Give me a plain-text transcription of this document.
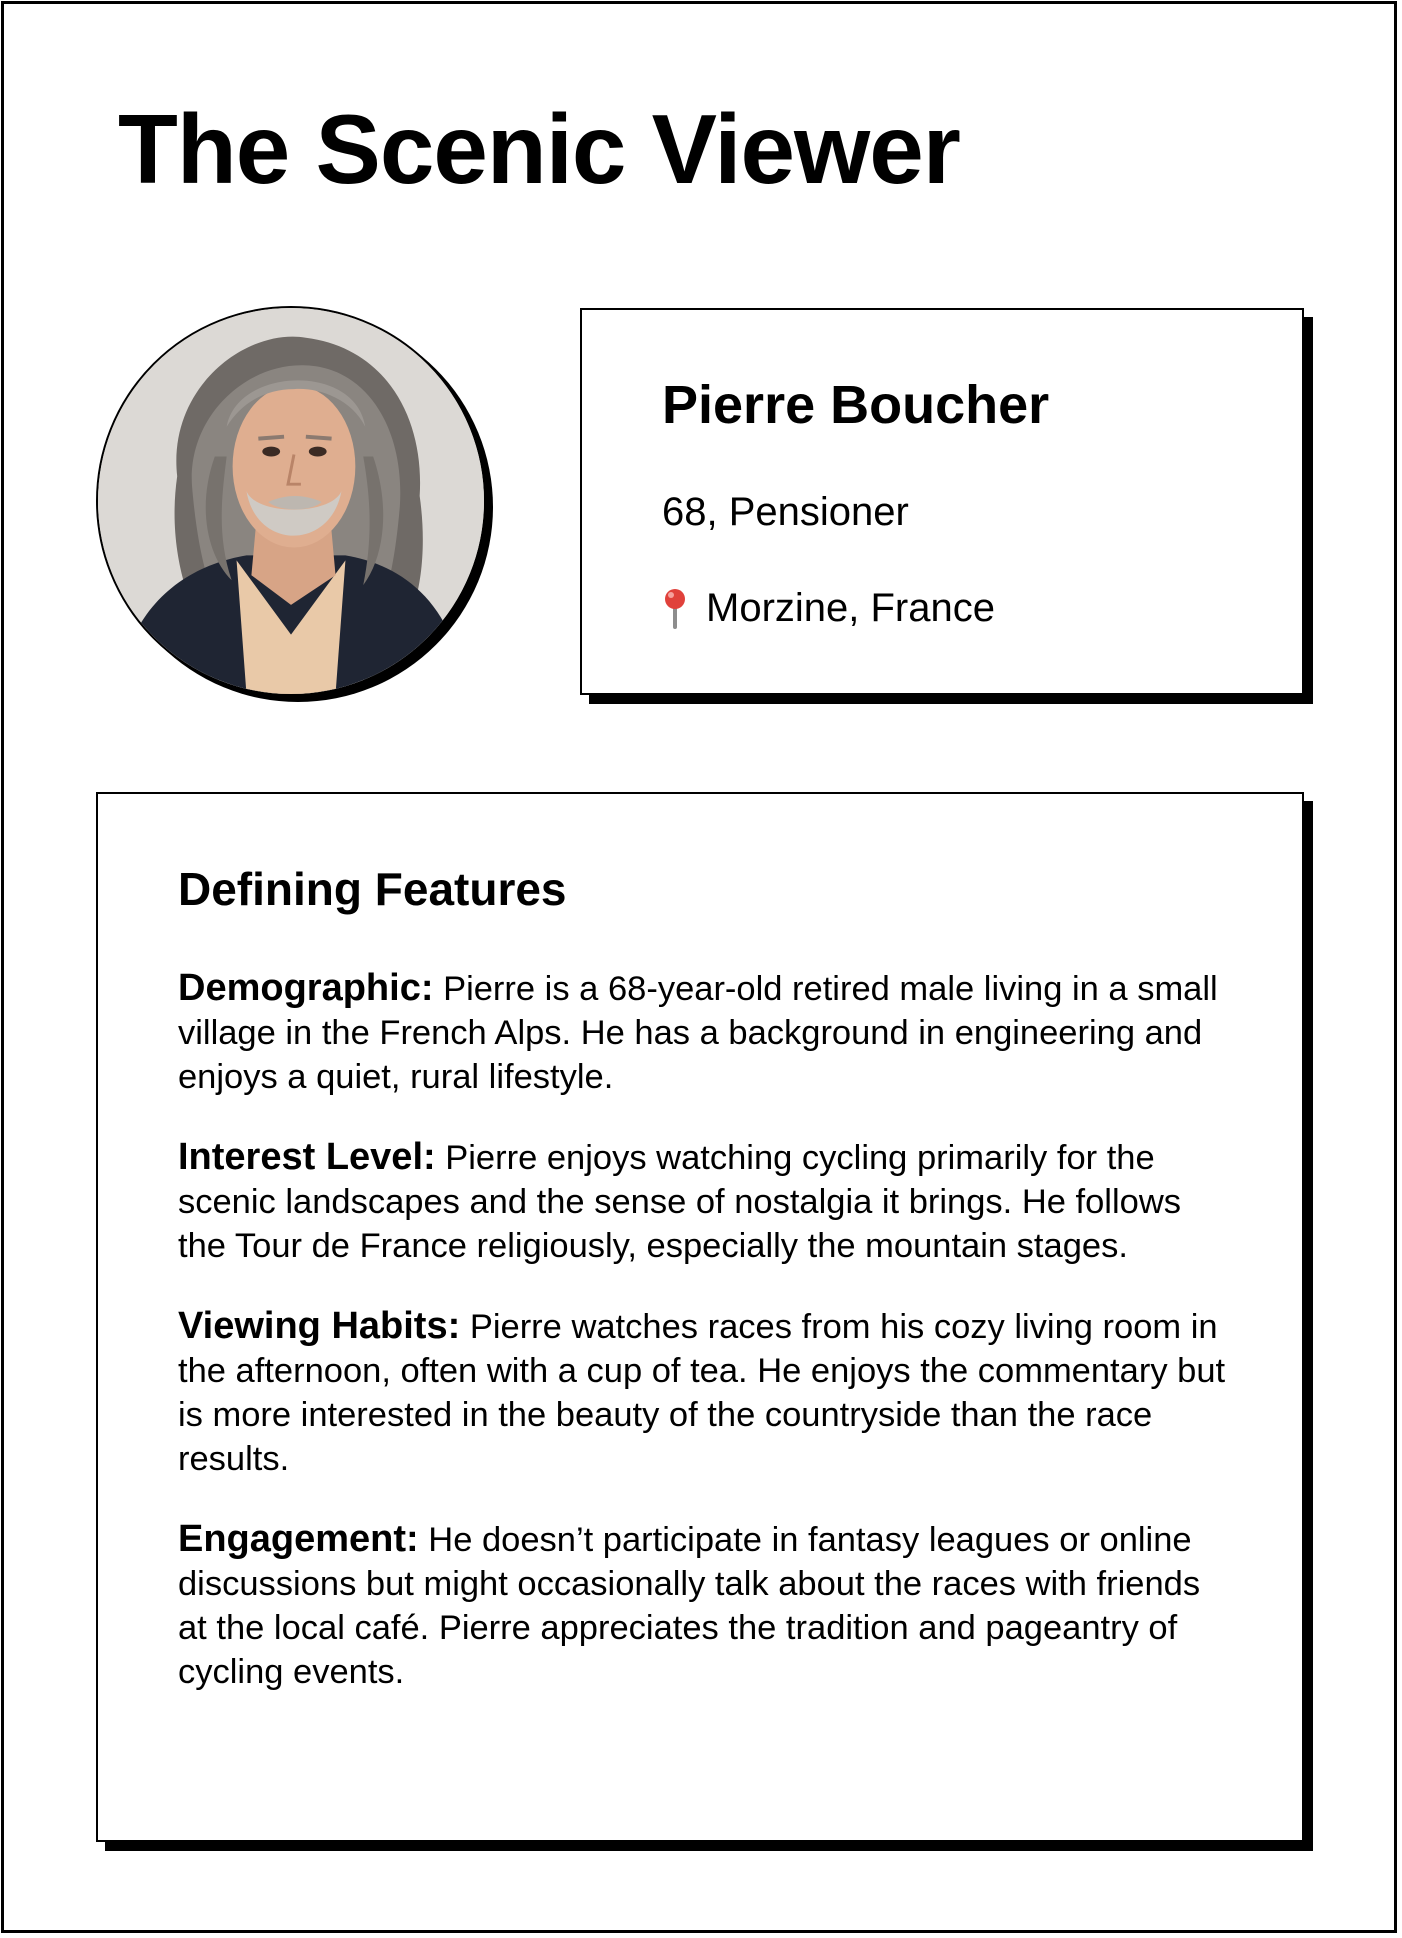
The Scenic Viewer
Pierre Boucher
68, Pensioner
Morzine, France
Defining Features

Demographic: Pierre is a 68-year-old retired male living in a small village in the French Alps. He has a background in engineering and enjoys a quiet, rural lifestyle.

Interest Level: Pierre enjoys watching cycling primarily for the scenic landscapes and the sense of nostalgia it brings. He follows the Tour de France religiously, especially the mountain stages.

Viewing Habits: Pierre watches races from his cozy living room in the afternoon, often with a cup of tea. He enjoys the commentary but is more interested in the beauty of the countryside than the race results.

Engagement: He doesn’t participate in fantasy leagues or online discussions but might occasionally talk about the races with friends at the local café. Pierre appreciates the tradition and pageantry of cycling events.
